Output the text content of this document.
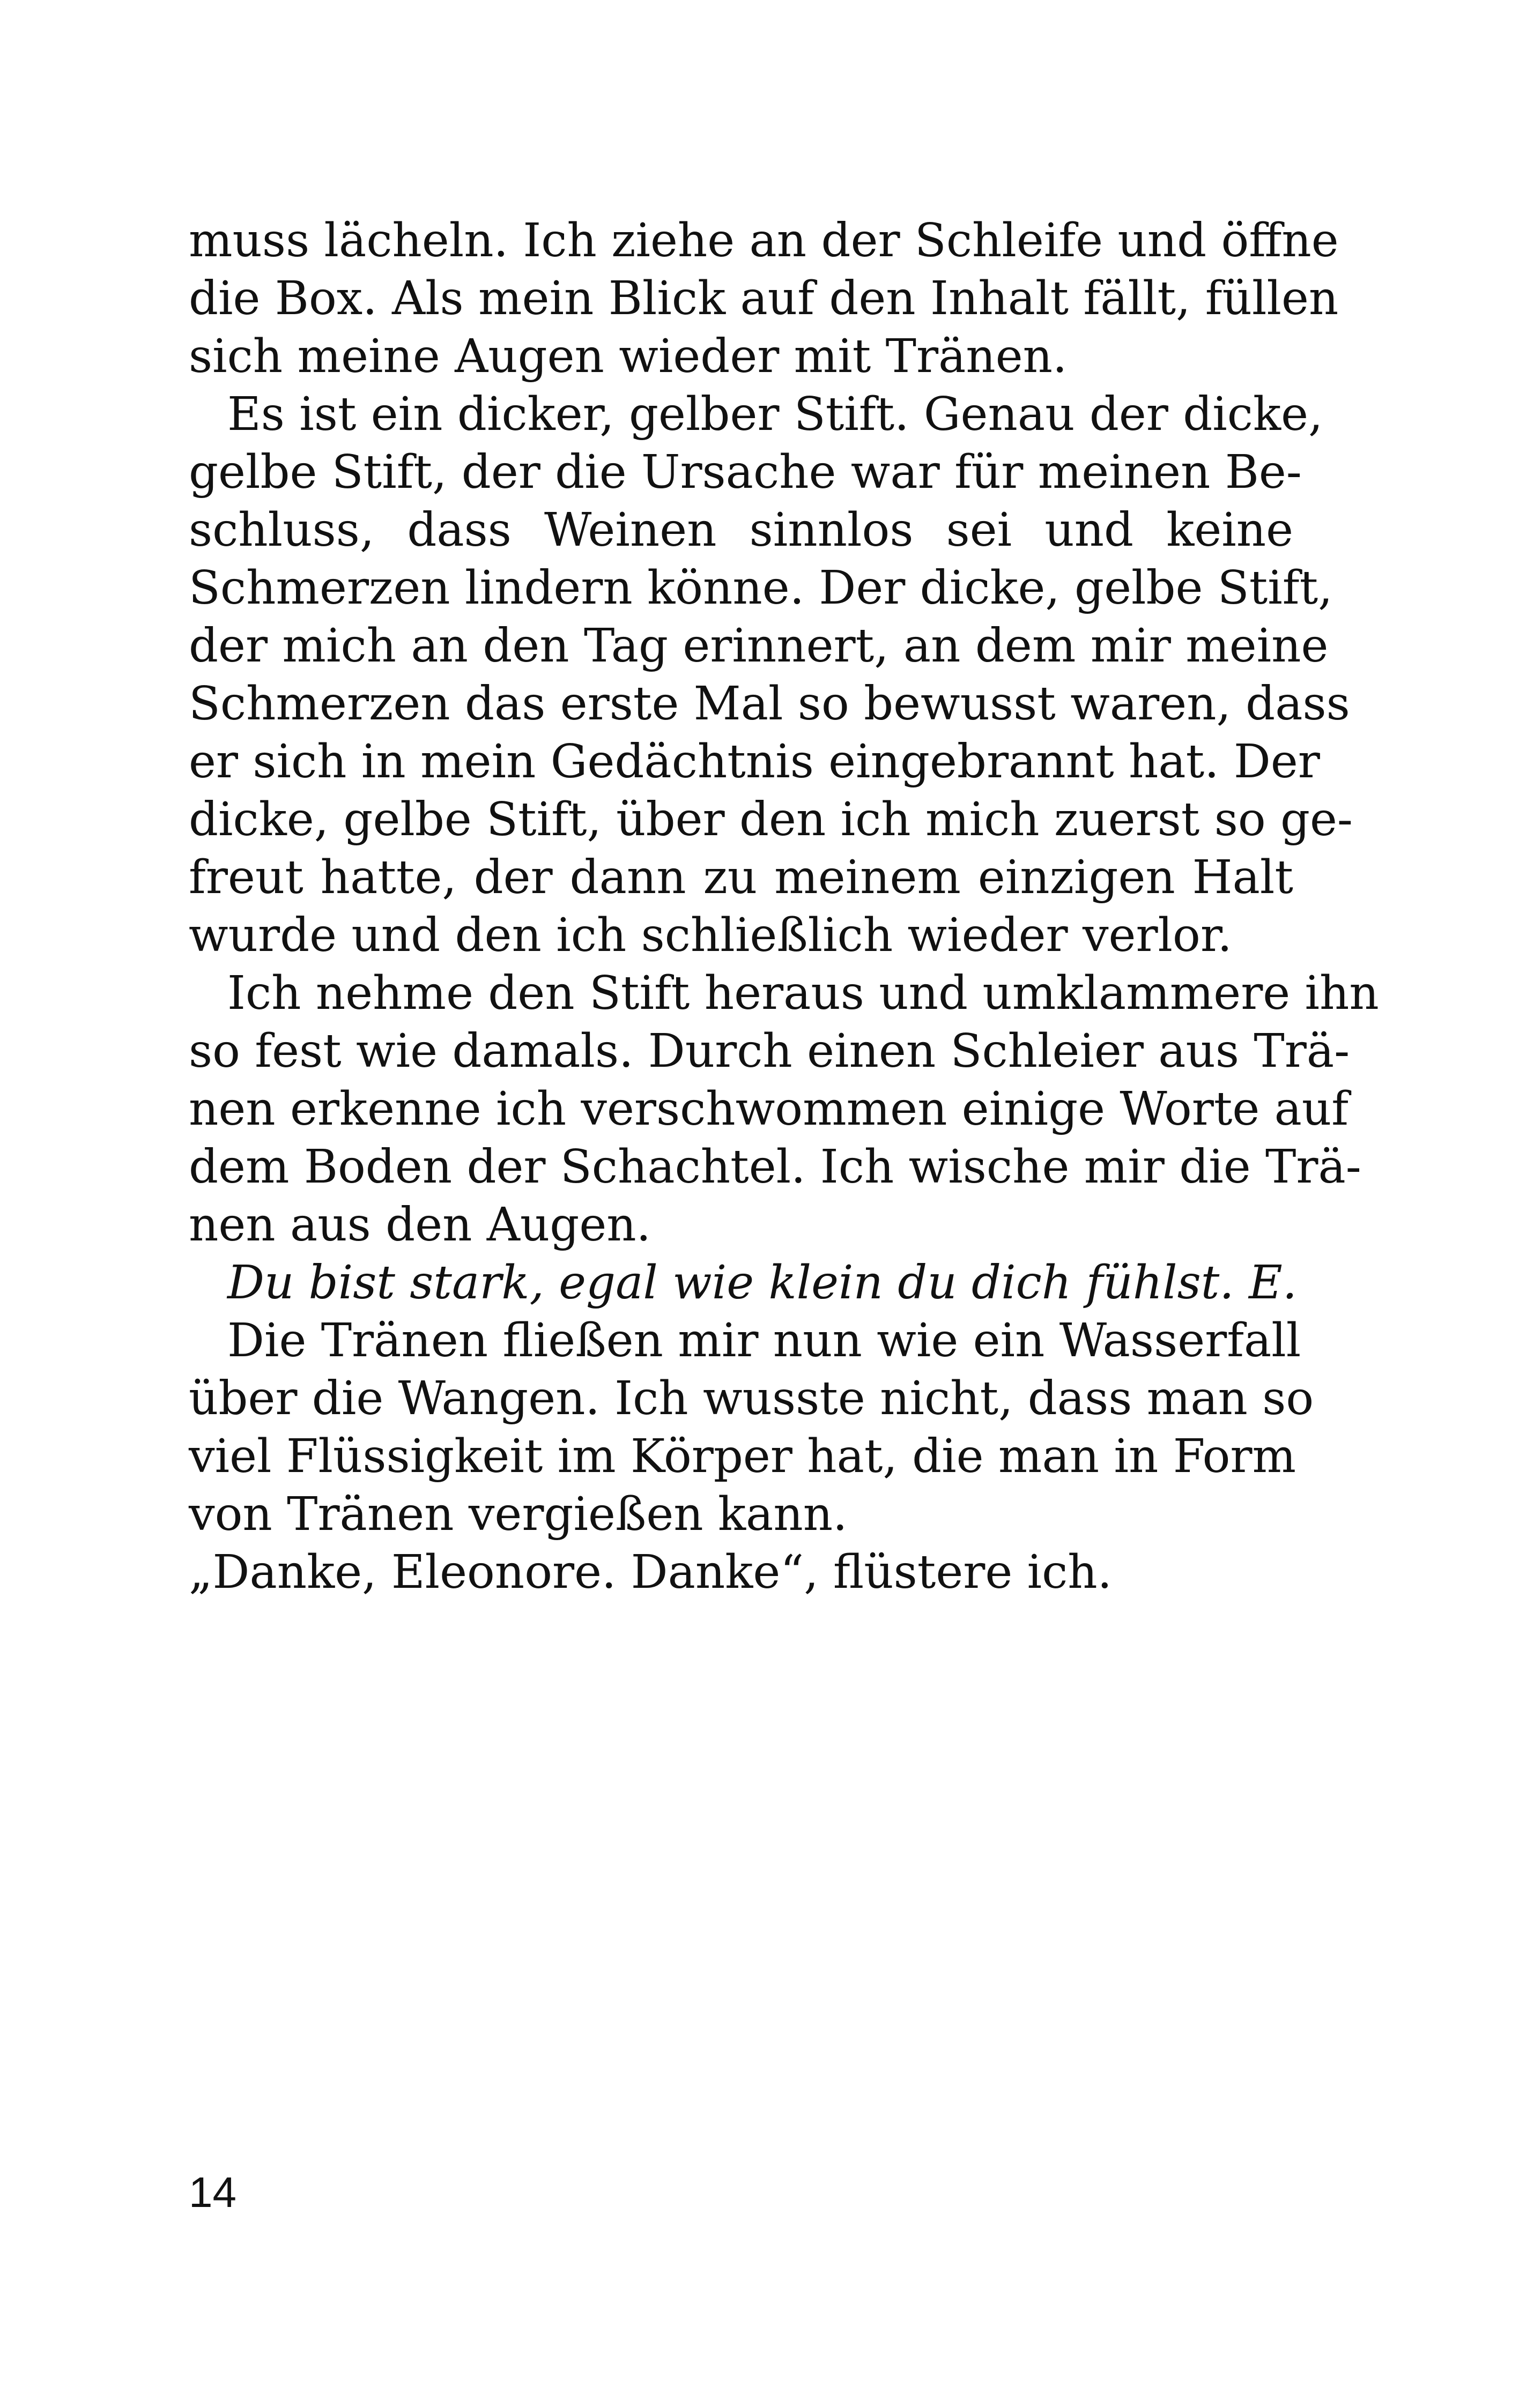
muss lächeln. Ich ziehe an der Schleife und öffne
die Box. Als mein Blick auf den Inhalt fällt, füllen
sich meine Augen wieder mit Tränen.

Es ist ein dicker, gelber Stift. Genau der dicke,
gelbe Stift, der die Ursache war für meinen Be-
schluss, dass Weinen sinnlos sei und keine
Schmerzen lindern könne. Der dicke, gelbe Stift,
der mich an den Tag erinnert, an dem mir meine
Schmerzen das erste Mal so bewusst waren, dass
er sich in mein Gedächtnis eingebrannt hat. Der
dicke, gelbe Stift, über den ich mich zuerst so ge-
freut hatte, der dann zu meinem einzigen Halt
wurde und den ich schließlich wieder verlor.

Ich nehme den Stift heraus und umklammere ihn
so fest wie damals. Durch einen Schleier aus Trä-
nen erkenne ich verschwommen einige Worte auf
dem Boden der Schachtel. Ich wische mir die Trä-
nen aus den Augen.

Du bist stark, egal wie klein du dich fühlst. E.

Die Tränen fließen mir nun wie ein Wasserfall
über die Wangen. Ich wusste nicht, dass man so
viel Flüssigkeit im Körper hat, die man in Form
von Tränen vergießen kann.

„Danke, Eleonore. Danke“, flüstere ich.

14
